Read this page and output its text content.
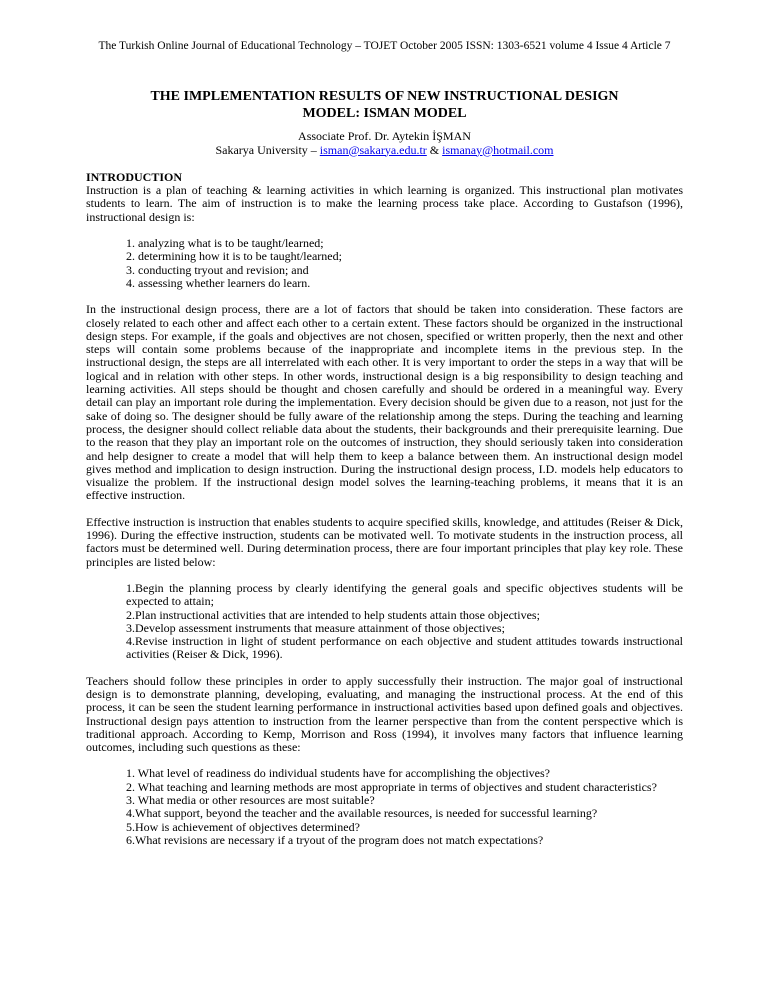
The Turkish Online Journal of Educational Technology – TOJET October 2005 ISSN: 1303-6521 volume 4 Issue 4 Article 7
THE IMPLEMENTATION RESULTS OF NEW INSTRUCTIONAL DESIGN
MODEL: ISMAN MODEL
Associate Prof. Dr. Aytekin İŞMAN
Sakarya University – isman@sakarya.edu.tr & ismanay@hotmail.com
INTRODUCTION

Instruction is a plan of teaching & learning activities in which learning is organized. This instructional plan motivates students to learn. The aim of instruction is to make the learning process take place. According to Gustafson (1996), instructional design is:

1. analyzing what is to be taught/learned;
2. determining how it is to be taught/learned;
3. conducting tryout and revision; and
4. assessing whether learners do learn.

In the instructional design process, there are a lot of factors that should be taken into consideration. These factors are closely related to each other and affect each other to a certain extent. These factors should be organized in the instructional design steps. For example, if the goals and objectives are not chosen, specified or written properly, then the next and other steps will contain some problems because of the inappropriate and incomplete items in the previous step. In the instructional design, the steps are all interrelated with each other. It is very important to order the steps in a way that will be logical and in relation with other steps. In other words, instructional design is a big responsibility to design teaching and learning activities. All steps should be thought and chosen carefully and should be ordered in a meaningful way. Every detail can play an important role during the implementation. Every decision should be given due to a reason, not just for the sake of doing so. The designer should be fully aware of the relationship among the steps. During the teaching and learning process, the designer should collect reliable data about the students, their backgrounds and their prerequisite learning. Due to the reason that they play an important role on the outcomes of instruction, they should seriously taken into consideration and help designer to create a model that will help them to keep a balance between them. An instructional design model gives method and implication to design instruction. During the instructional design process, I.D. models help educators to visualize the problem. If the instructional design model solves the learning-teaching problems, it means that it is an effective instruction.

Effective instruction is instruction that enables students to acquire specified skills, knowledge, and attitudes (Reiser & Dick, 1996). During the effective instruction, students can be motivated well. To motivate students in the instruction process, all factors must be determined well. During determination process, there are four important principles that play key role. These principles are listed below:

1.Begin the planning process by clearly identifying the general goals and specific objectives students will be expected to attain;
2.Plan instructional activities that are intended to help students attain those objectives;
3.Develop assessment instruments that measure attainment of those objectives;
4.Revise instruction in light of student performance on each objective and student attitudes towards instructional activities (Reiser & Dick, 1996).

Teachers should follow these principles in order to apply successfully their instruction. The major goal of instructional design is to demonstrate planning, developing, evaluating, and managing the instructional process. At the end of this process, it can be seen the student learning performance in instructional activities based upon defined goals and objectives. Instructional design pays attention to instruction from the learner perspective than from the content perspective which is traditional approach. According to Kemp, Morrison and Ross (1994), it involves many factors that influence learning outcomes, including such questions as these:

1. What level of readiness do individual students have for accomplishing the objectives?
2. What teaching and learning methods are most appropriate in terms of objectives and student characteristics?
3. What media or other resources are most suitable?
4.What support, beyond the teacher and the available resources, is needed for successful learning?
5.How is achievement of objectives determined?
6.What revisions are necessary if a tryout of the program does not match expectations?
